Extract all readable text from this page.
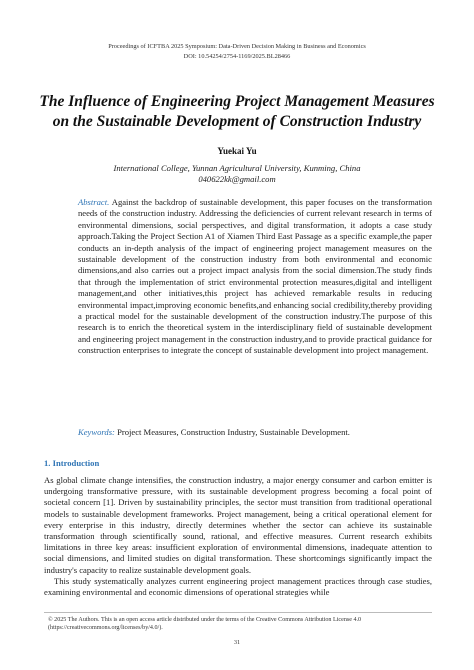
Proceedings of ICFTBA 2025 Symposium: Data-Driven Decision Making in Business and Economics
DOI: 10.54254/2754-1169/2025.BL28466
The Influence of Engineering Project Management Measures
on the Sustainable Development of Construction Industry
Yuekai Yu
International College, Yunnan Agricultural University, Kunming, China
040622kk@gmail.com
Abstract. Against the backdrop of sustainable development, this paper focuses on the transformation needs of the construction industry. Addressing the deficiencies of current relevant research in terms of environmental dimensions, social perspectives, and digital transformation, it adopts a case study approach.Taking the Project Section A1 of Xiamen Third East Passage as a specific example,the paper conducts an in-depth analysis of the impact of engineering project management measures on the sustainable development of the construction industry from both environmental and economic dimensions,and also carries out a project impact analysis from the social dimension.The study finds that through the implementation of strict environmental protection measures,digital and intelligent management,and other initiatives,this project has achieved remarkable results in reducing environmental impact,improving economic benefits,and enhancing social credibility,thereby providing a practical model for the sustainable development of the construction industry.The purpose of this research is to enrich the theoretical system in the interdisciplinary field of sustainable development and engineering project management in the construction industry,and to provide practical guidance for construction enterprises to integrate the concept of sustainable development into project management.
Keywords: Project Measures, Construction Industry, Sustainable Development.
1. Introduction

As global climate change intensifies, the construction industry, a major energy consumer and carbon emitter is undergoing transformative pressure, with its sustainable development progress becoming a focal point of societal concern [1]. Driven by sustainability principles, the sector must transition from traditional operational models to sustainable development frameworks. Project management, being a critical operational element for every enterprise in this industry, directly determines whether the sector can achieve its sustainable transformation through scientifically sound, rational, and effective measures. Current research exhibits limitations in three key areas: insufficient exploration of environmental dimensions, inadequate attention to social dimensions, and limited studies on digital transformation. These shortcomings significantly impact the industry's capacity to realize sustainable development goals.

This study systematically analyzes current engineering project management practices through case studies, examining environmental and economic dimensions of operational strategies while

© 2025 The Authors. This is an open access article distributed under the terms of the Creative Commons Attribution License 4.0
(https://creativecommons.org/licenses/by/4.0/).
31
